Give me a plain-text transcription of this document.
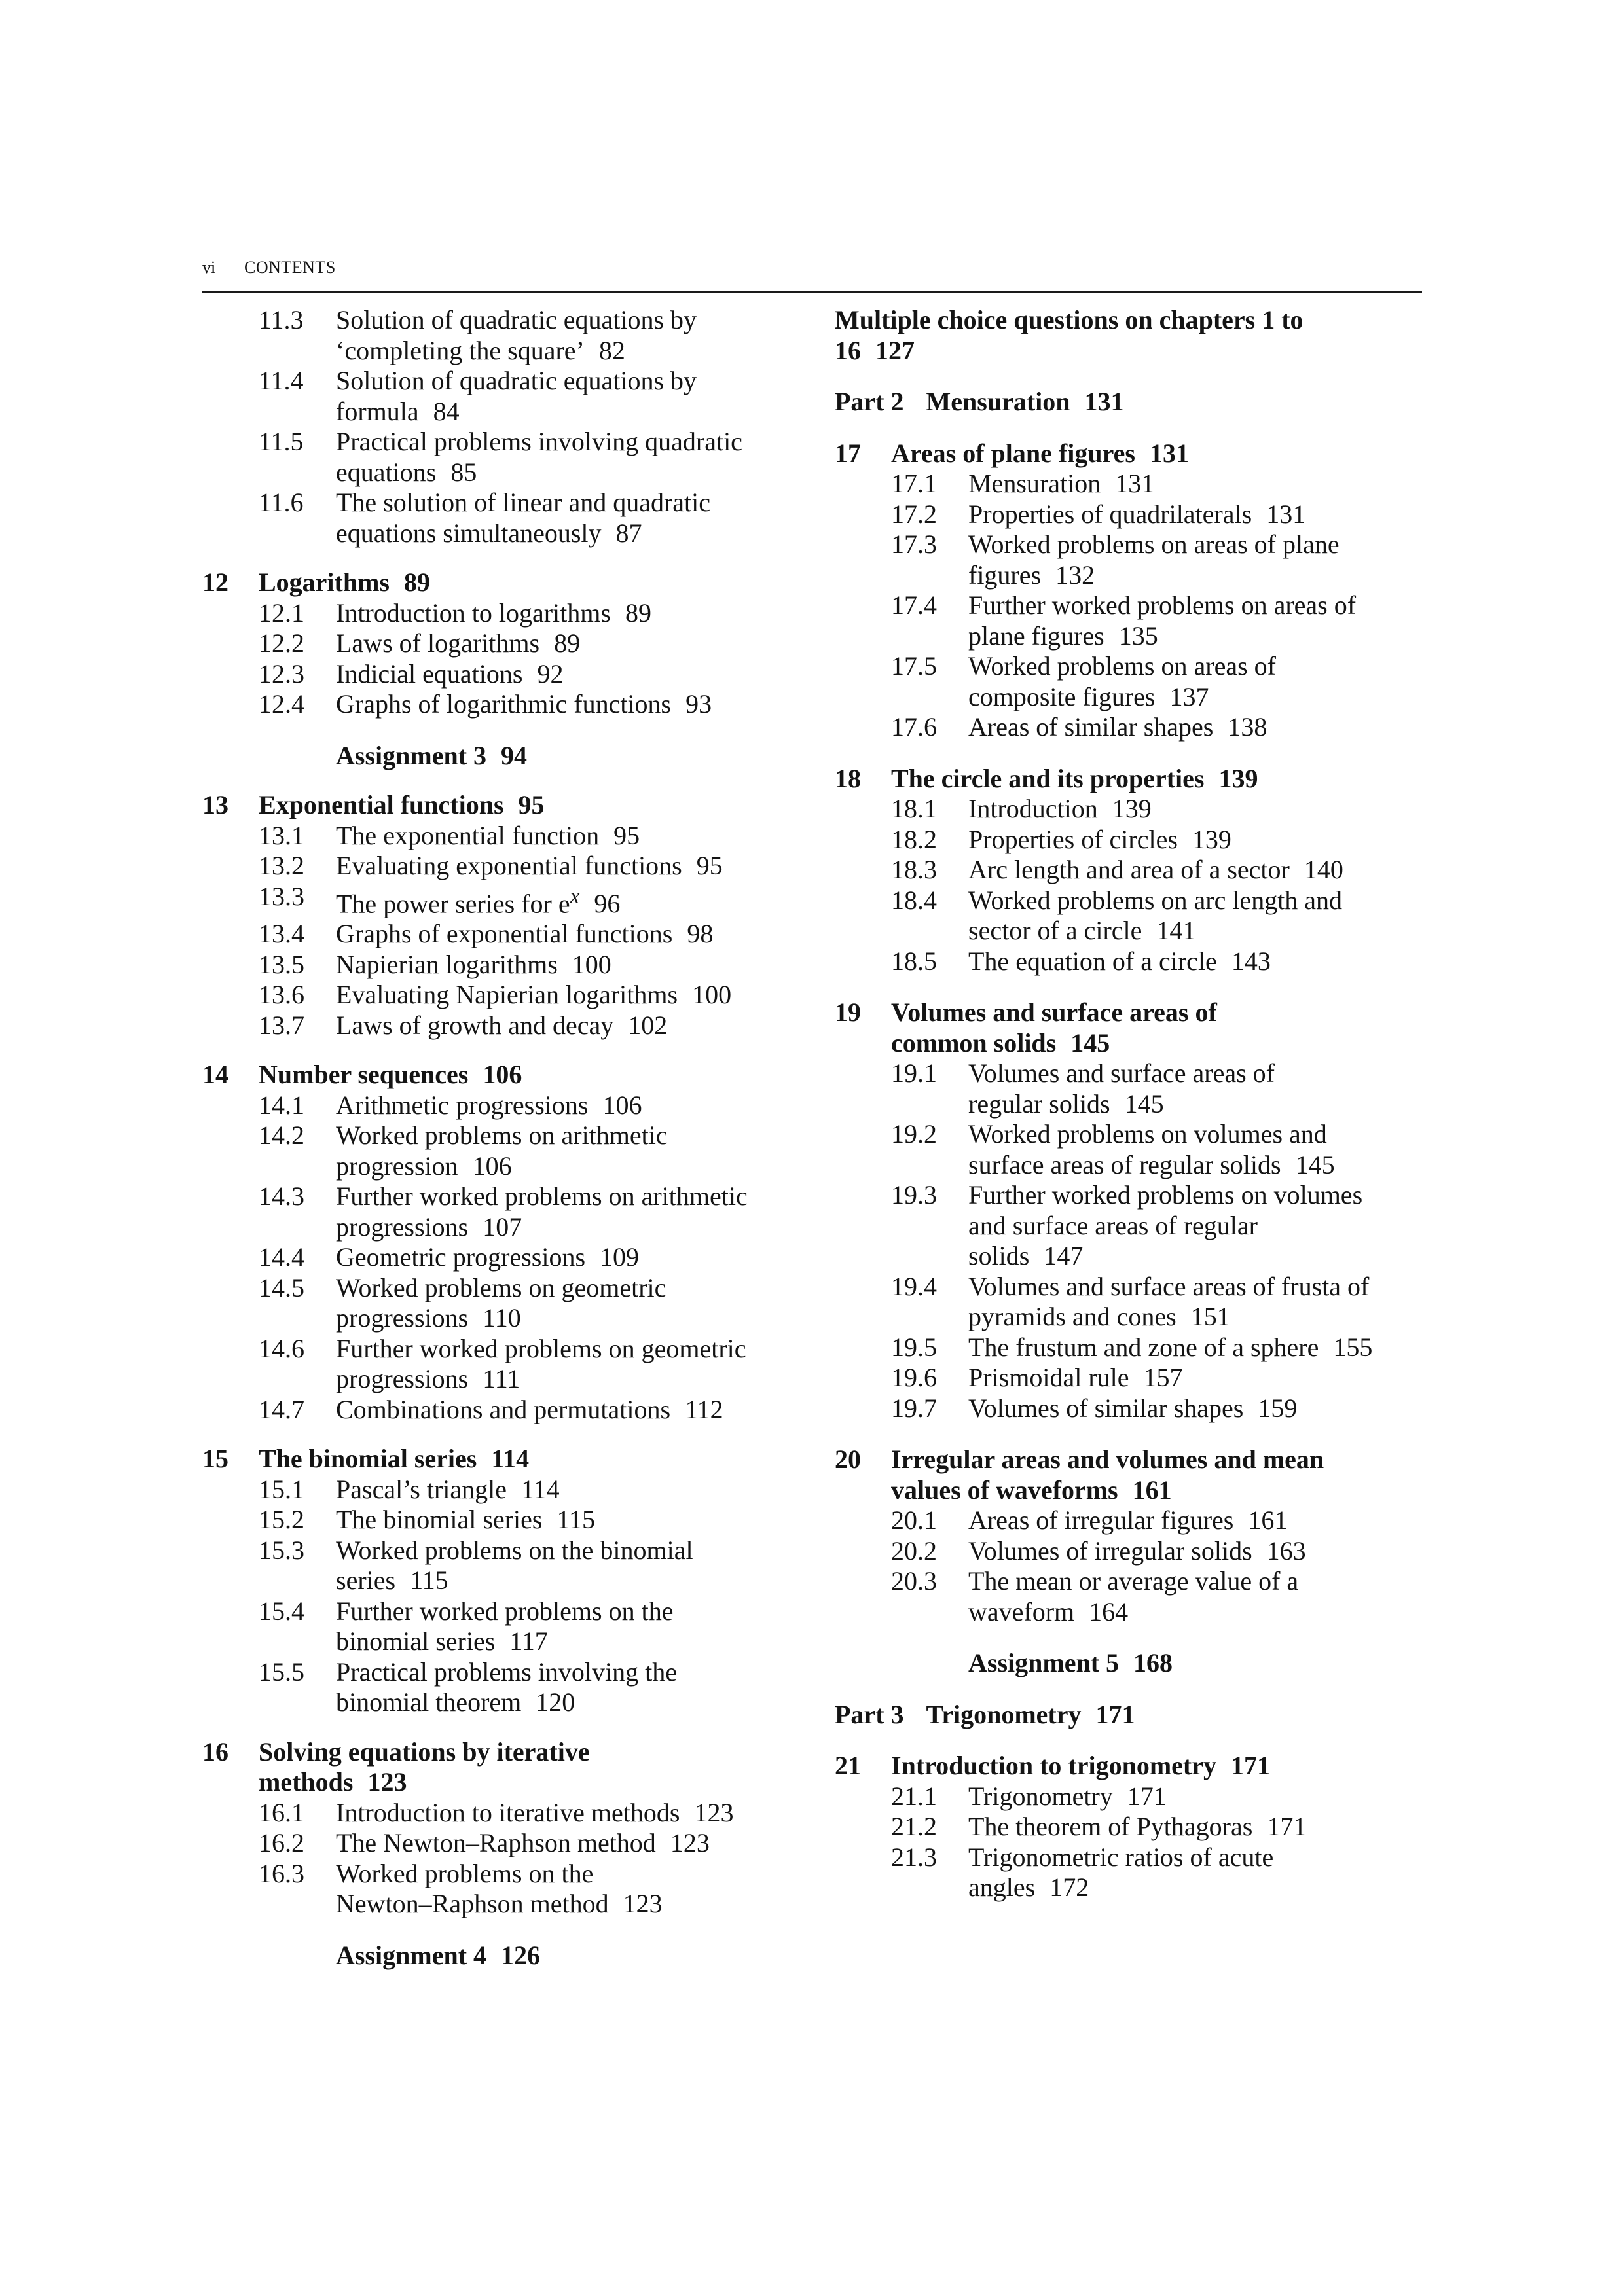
vi CONTENTS
11.3 Solution of quadratic equations by
‘completing the square’ 82
11.4 Solution of quadratic equations by
formula 84
11.5 Practical problems involving quadratic
equations 85
11.6 The solution of linear and quadratic
equations simultaneously 87
12 Logarithms 89
12.1 Introduction to logarithms 89
12.2 Laws of logarithms 89
12.3 Indicial equations 92
12.4 Graphs of logarithmic functions 93
Assignment 3 94
13 Exponential functions 95
13.1 The exponential function 95
13.2 Evaluating exponential functions 95
13.3 The power series for $e^x$ 96
13.4 Graphs of exponential functions 98
13.5 Napierian logarithms 100
13.6 Evaluating Napierian logarithms 100
13.7 Laws of growth and decay 102
14 Number sequences 106
14.1 Arithmetic progressions 106
14.2 Worked problems on arithmetic
progression 106
14.3 Further worked problems on arithmetic
progressions 107
14.4 Geometric progressions 109
14.5 Worked problems on geometric
progressions 110
14.6 Further worked problems on geometric
progressions 111
14.7 Combinations and permutations 112
15 The binomial series 114
15.1 Pascal’s triangle 114
15.2 The binomial series 115
15.3 Worked problems on the binomial
series 115
15.4 Further worked problems on the
binomial series 117
15.5 Practical problems involving the
binomial theorem 120
16 Solving equations by iterative
methods 123
16.1 Introduction to iterative methods 123
16.2 The Newton–Raphson method 123
16.3 Worked problems on the
Newton–Raphson method 123
Assignment 4 126
Multiple choice questions on chapters 1 to
16 127
Part 2 Mensuration 131
17 Areas of plane figures 131
17.1 Mensuration 131
17.2 Properties of quadrilaterals 131
17.3 Worked problems on areas of plane
figures 132
17.4 Further worked problems on areas of
plane figures 135
17.5 Worked problems on areas of
composite figures 137
17.6 Areas of similar shapes 138
18 The circle and its properties 139
18.1 Introduction 139
18.2 Properties of circles 139
18.3 Arc length and area of a sector 140
18.4 Worked problems on arc length and
sector of a circle 141
18.5 The equation of a circle 143
19 Volumes and surface areas of
common solids 145
19.1 Volumes and surface areas of
regular solids 145
19.2 Worked problems on volumes and
surface areas of regular solids 145
19.3 Further worked problems on volumes
and surface areas of regular
solids 147
19.4 Volumes and surface areas of frusta of
pyramids and cones 151
19.5 The frustum and zone of a sphere 155
19.6 Prismoidal rule 157
19.7 Volumes of similar shapes 159
20 Irregular areas and volumes and mean
values of waveforms 161
20.1 Areas of irregular figures 161
20.2 Volumes of irregular solids 163
20.3 The mean or average value of a
waveform 164
Assignment 5 168
Part 3 Trigonometry 171
21 Introduction to trigonometry 171
21.1 Trigonometry 171
21.2 The theorem of Pythagoras 171
21.3 Trigonometric ratios of acute
angles 172
